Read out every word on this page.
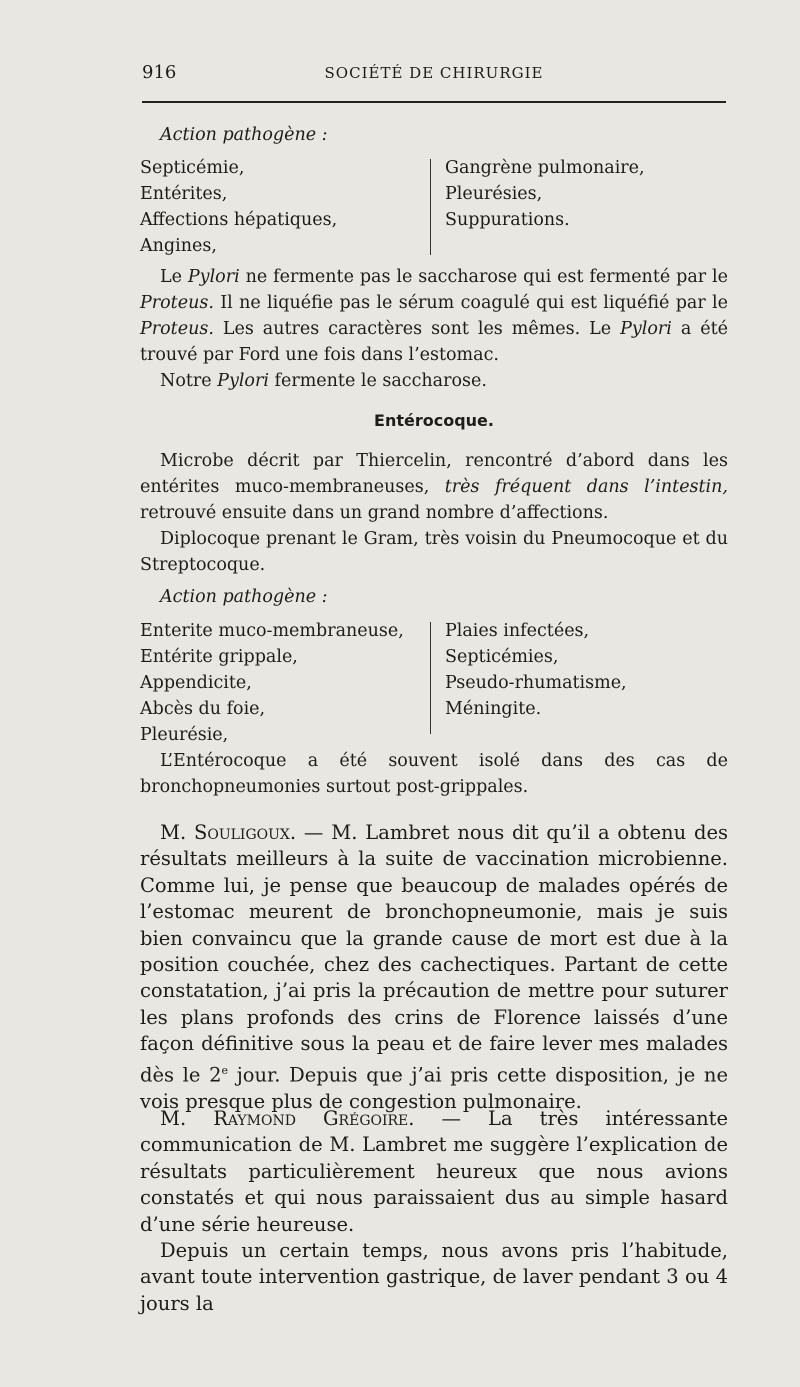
916	SOCIÉTÉ DE CHIRURGIE

Action pathogène :

Septicémie,
Entérites,
Affections hépatiques,
Angines,
Gangrène pulmonaire,
Pleurésies,
Suppurations.

Le Pylori ne fermente pas le saccharose qui est fermenté par le Proteus. Il ne liquéfie pas le sérum coagulé qui est liquéfié par le Proteus. Les autres caractères sont les mêmes. Le Pylori a été trouvé par Ford une fois dans l’estomac.

Notre Pylori fermente le saccharose.

Entérocoque.

Microbe décrit par Thiercelin, rencontré d’abord dans les entérites muco-membraneuses, très fréquent dans l’intestin, retrouvé ensuite dans un grand nombre d’affections.

Diplocoque prenant le Gram, très voisin du Pneumocoque et du Streptocoque.

Action pathogène :

Enterite muco-membraneuse,
Entérite grippale,
Appendicite,
Abcès du foie,
Pleurésie,
Plaies infectées,
Septicémies,
Pseudo-rhumatisme,
Méningite.

L’Entérocoque a été souvent isolé dans des cas de bronchopneumonies surtout post-grippales.

M. Souligoux. — M. Lambret nous dit qu’il a obtenu des résultats meilleurs à la suite de vaccination microbienne. Comme lui, je pense que beaucoup de malades opérés de l’estomac meurent de bronchopneumonie, mais je suis bien convaincu que la grande cause de mort est due à la position couchée, chez des cachectiques. Partant de cette constatation, j’ai pris la précaution de mettre pour suturer les plans profonds des crins de Florence laissés d’une façon définitive sous la peau et de faire lever mes malades dès le 2e jour. Depuis que j’ai pris cette disposition, je ne vois presque plus de congestion pulmonaire.

M. Raymond Grégoire. — La très intéressante communication de M. Lambret me suggère l’explication de résultats particulièrement heureux que nous avions constatés et qui nous paraissaient dus au simple hasard d’une série heureuse.

Depuis un certain temps, nous avons pris l’habitude, avant toute intervention gastrique, de laver pendant 3 ou 4 jours la
